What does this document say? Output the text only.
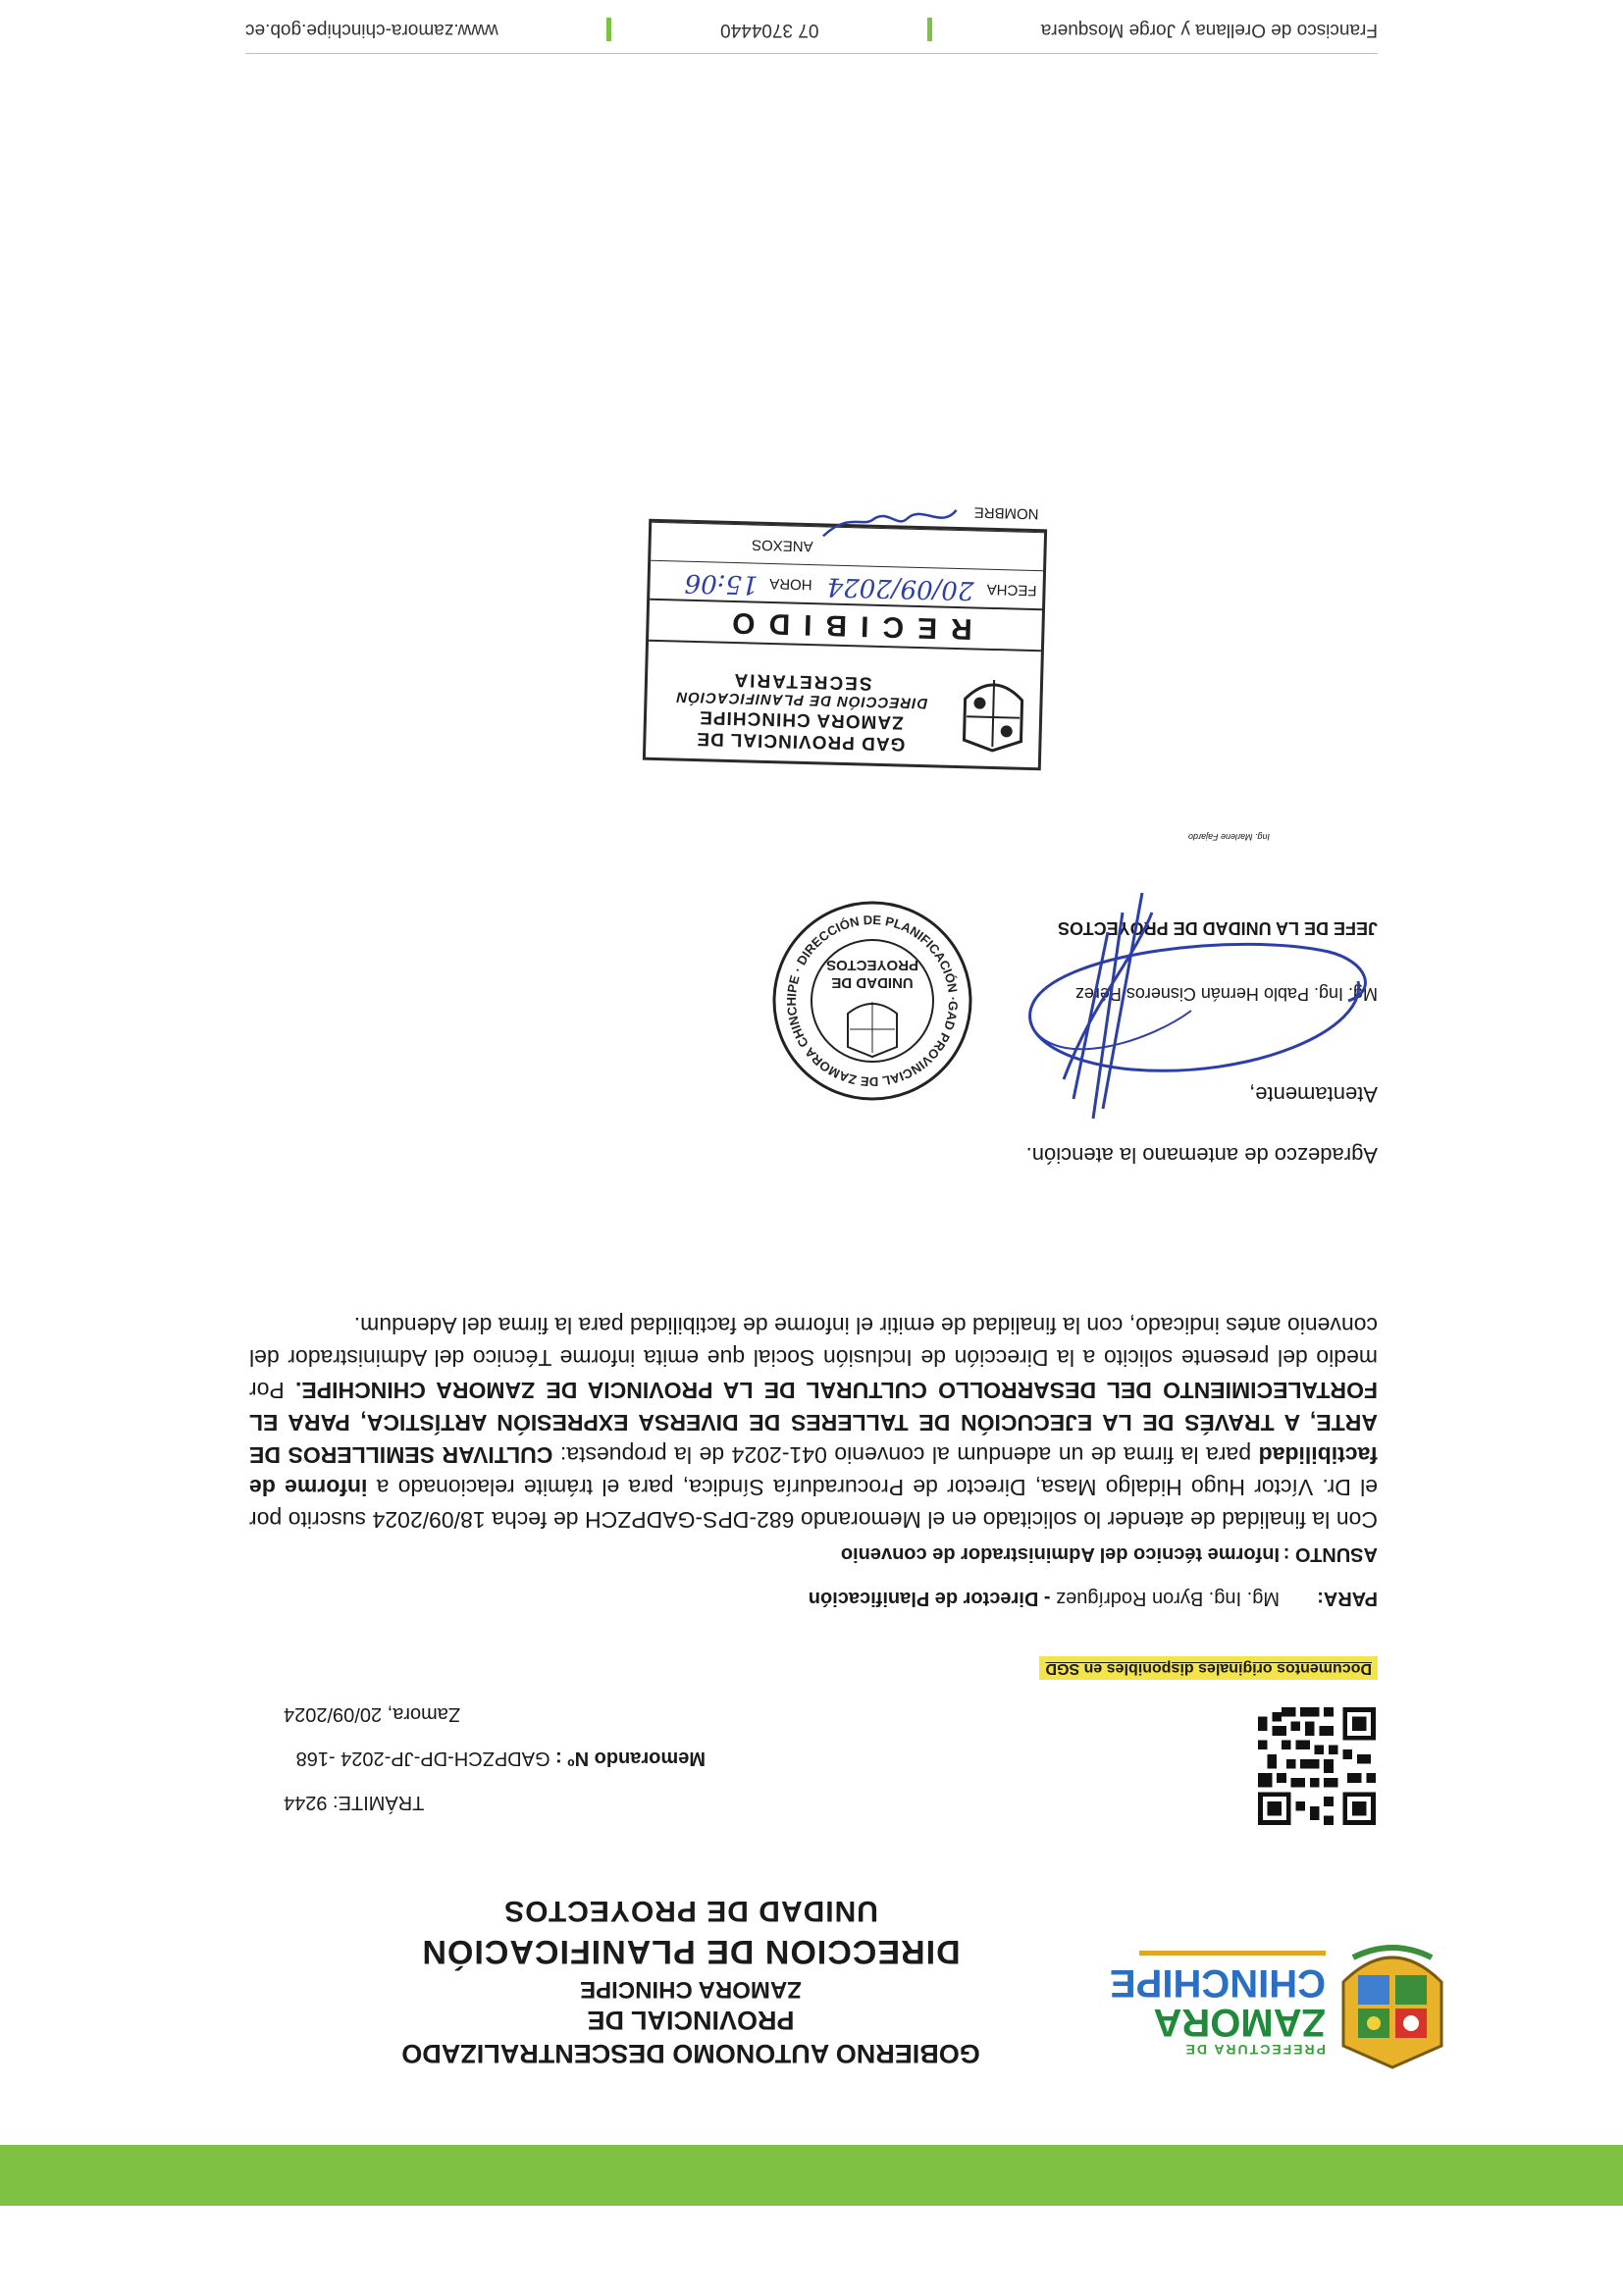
PREFECTURA DE
ZAMORA
CHINCHIPE
GOBIERNO AUTONOMO DESCENTRALIZADO PROVINCIAL DE
ZAMORA CHINCIPE
DIRECCION DE PLANIFICACIÓN
UNIDAD DE PROYECTOS
TRÁMITE: 9244
Memorando Nº : GADPZCH-DP-JP-2024 -168
Zamora, 20/09/2024
Documentos originales disponibles en SGD
PARA:
Mg. Ing. Byron Rodríguez - Director de Planificación
ASUNTO :
Informe técnico del Administrador de convenio
Con la finalidad de atender lo solicitado en el Memorando 682-DPS-GADPZCH de fecha 18/09/2024 suscrito por el Dr. Víctor Hugo Hidalgo Masa, Director de Procuraduría Síndica, para el trámite relacionado a informe de factibilidad para la firma de un adendum al convenio 041-2024 de la propuesta: CULTIVAR SEMILLEROS DE ARTE, A TRAVÉS DE LA EJECUCIÓN DE TALLERES DE DIVERSA EXPRESIÓN ARTÍSTICA, PARA EL FORTALECIMIENTO DEL DESARROLLO CULTURAL DE LA PROVINCIA DE ZAMORA CHINCHIPE. Por medio del presente solicito a la Dirección de Inclusión Social que emita informe Técnico del Administrador del convenio antes indicado, con la finalidad de emitir el informe de factibilidad para la firma del Adendum.
Agradezco de antemano la atención.
Atentamente,
GAD PROVINCIAL DE ZAMORA CHINCHIPE · DIRECCIÓN DE PLANIFICACIÓN ·
UNIDAD DE
PROYECTOS
Mg. Ing. Pablo Hernán Cisneros Pérez
JEFE DE LA UNIDAD DE PROYECTOS
Ing. Marlene Fajardo
GAD PROVINCIAL DE
ZAMORA CHINCHIPE
DIRECCIÓN DE PLANIFICACIÓN
SECRETARIA
RECIBIDO
FECHA
20/09/2024
HORA
15:06
ANEXOS
NOMBRE
Francisco de Orellana y Jorge Mosquera
07 3704440
www.zamora-chinchipe.gob.ec
